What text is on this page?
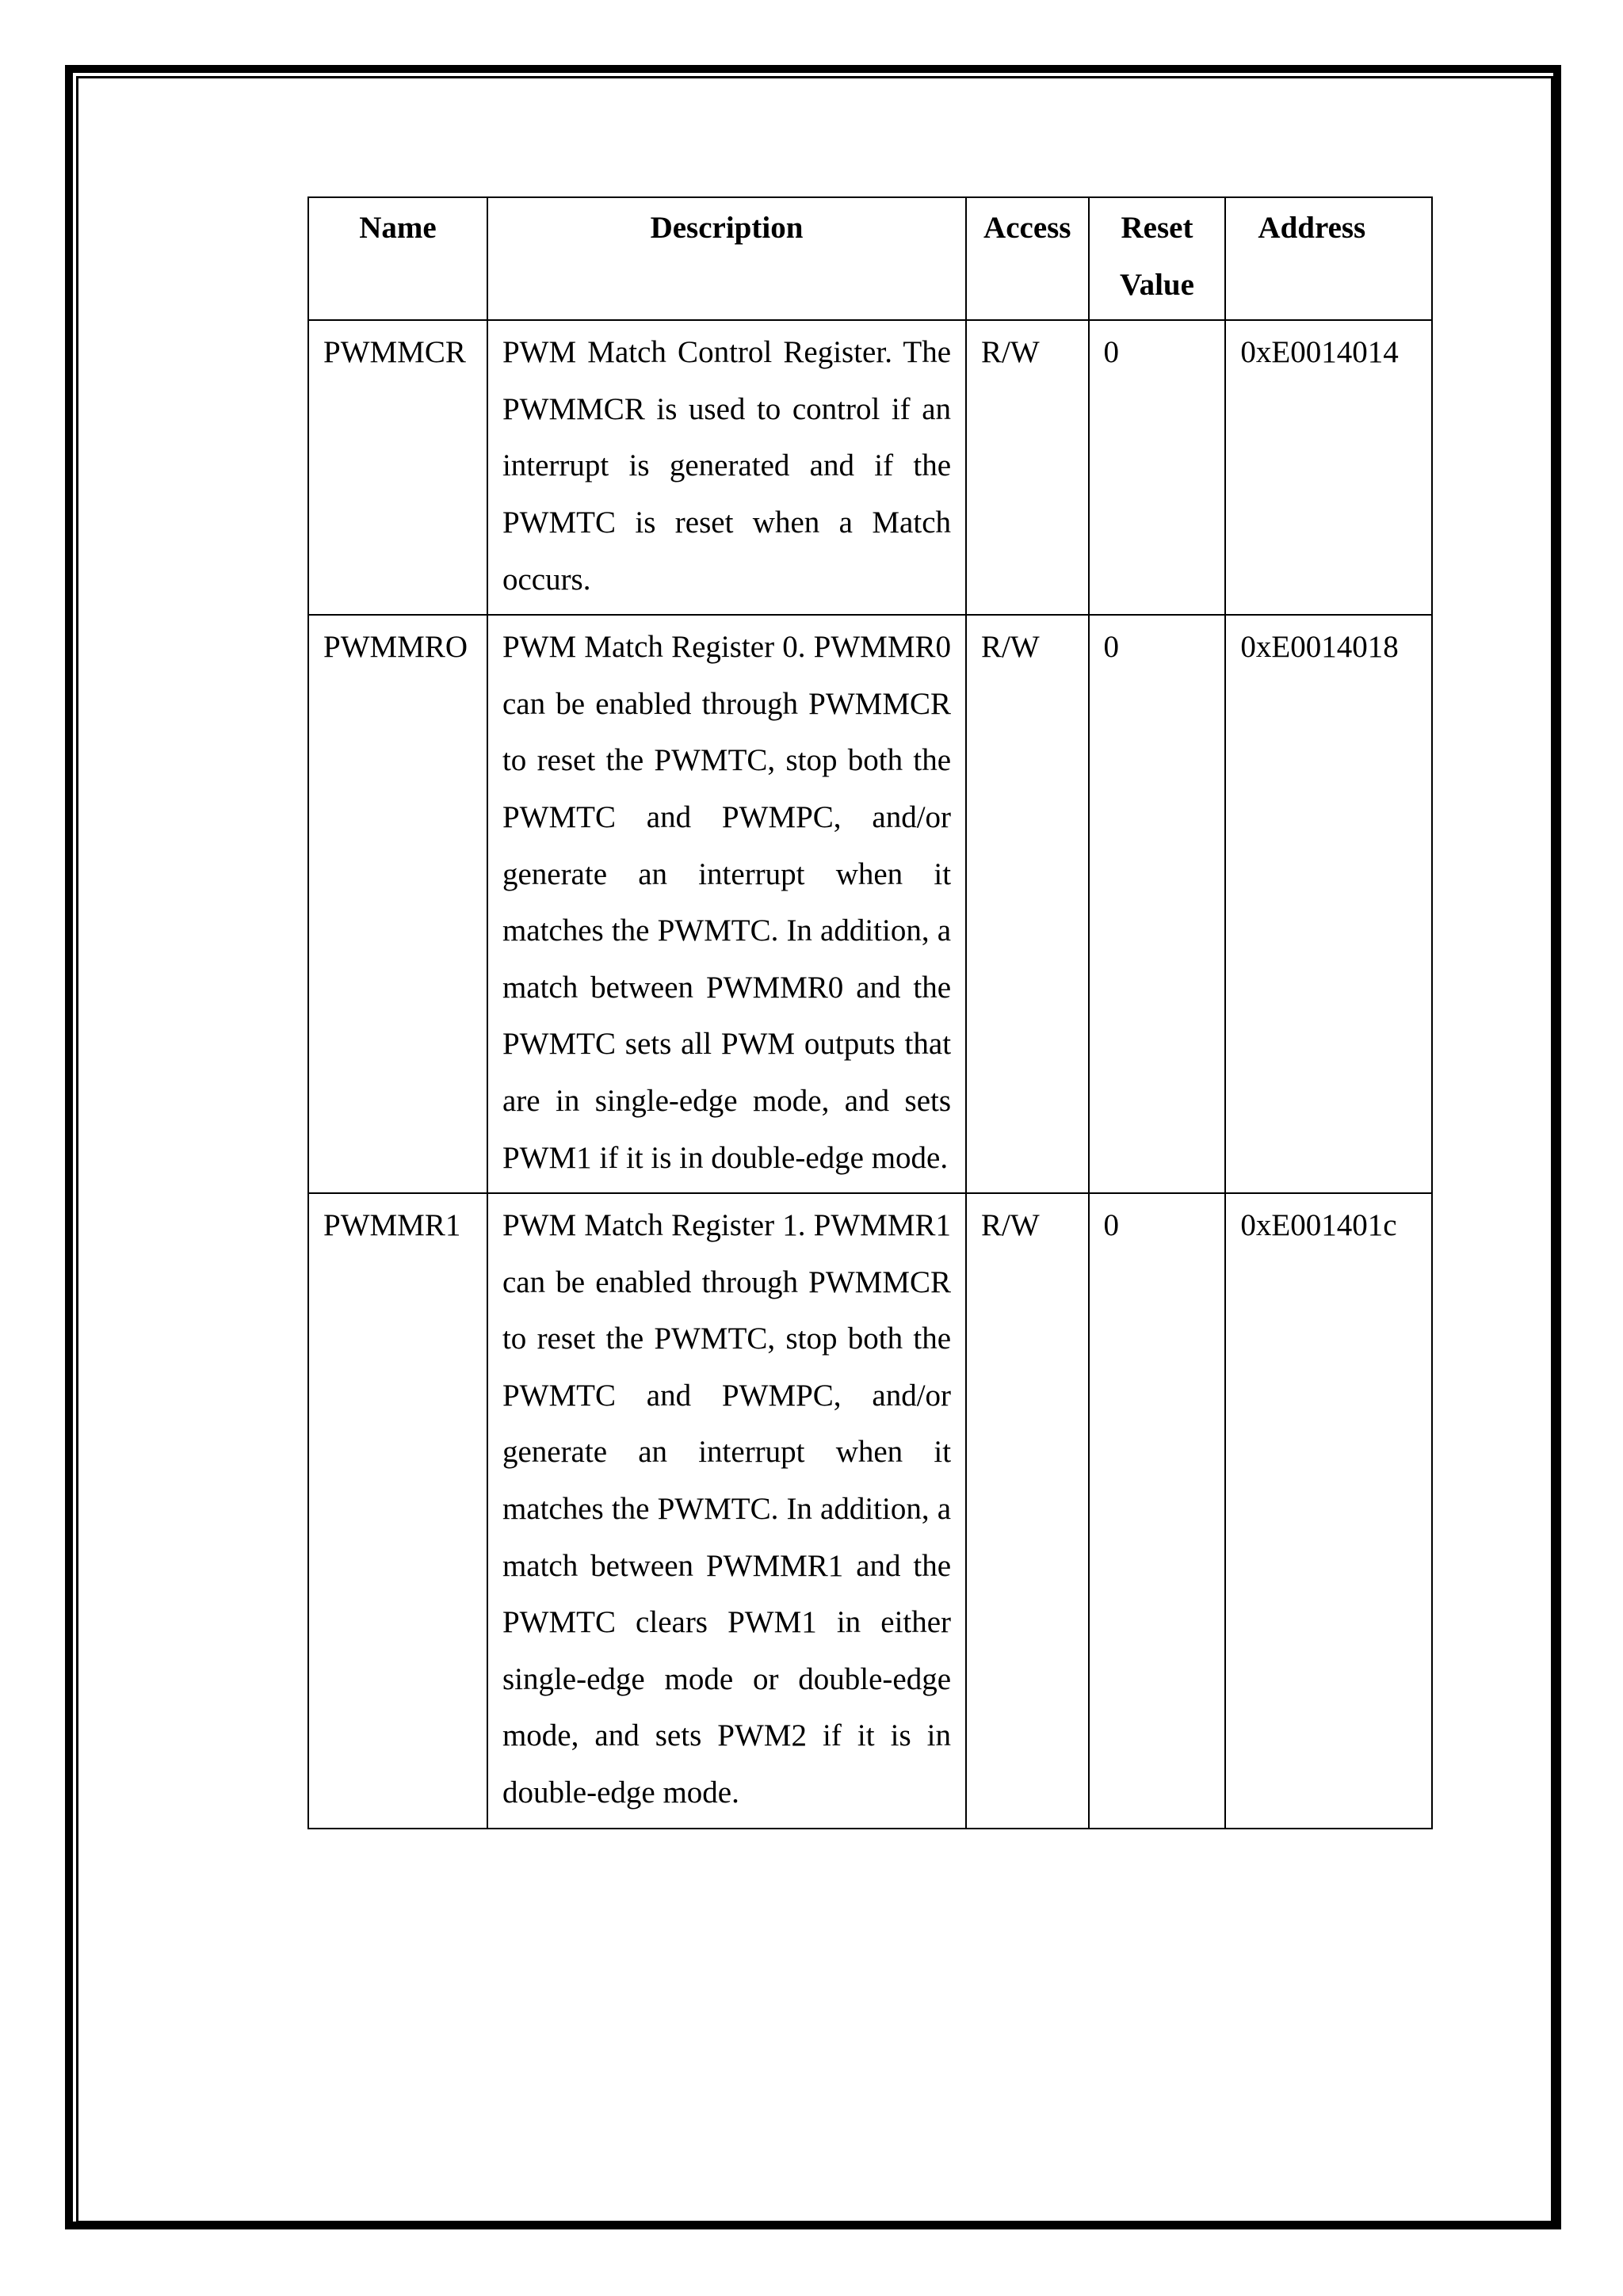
Name	Description	Access	Reset Value	Address
PWMMCR	PWM Match Control Register. The PWMMCR is used to control if an interrupt is generated and if the PWMTC is reset when a Match occurs.	R/W	0	0xE0014014
PWMMRO	PWM Match Register 0. PWMMR0 can be enabled through PWMMCR to reset the PWMTC, stop both the PWMTC and PWMPC, and/or generate an interrupt when it matches the PWMTC. In addition, a match between PWMMR0 and the PWMTC sets all PWM outputs that are in single-edge mode, and sets PWM1 if it is in double-edge mode.	R/W	0	0xE0014018
PWMMR1	PWM Match Register 1. PWMMR1 can be enabled through PWMMCR to reset the PWMTC, stop both the PWMTC and PWMPC, and/or generate an interrupt when it matches the PWMTC. In addition, a match between PWMMR1 and the PWMTC clears PWM1 in either single-edge mode or double-edge mode, and sets PWM2 if it is in double-edge mode.	R/W	0	0xE001401c
